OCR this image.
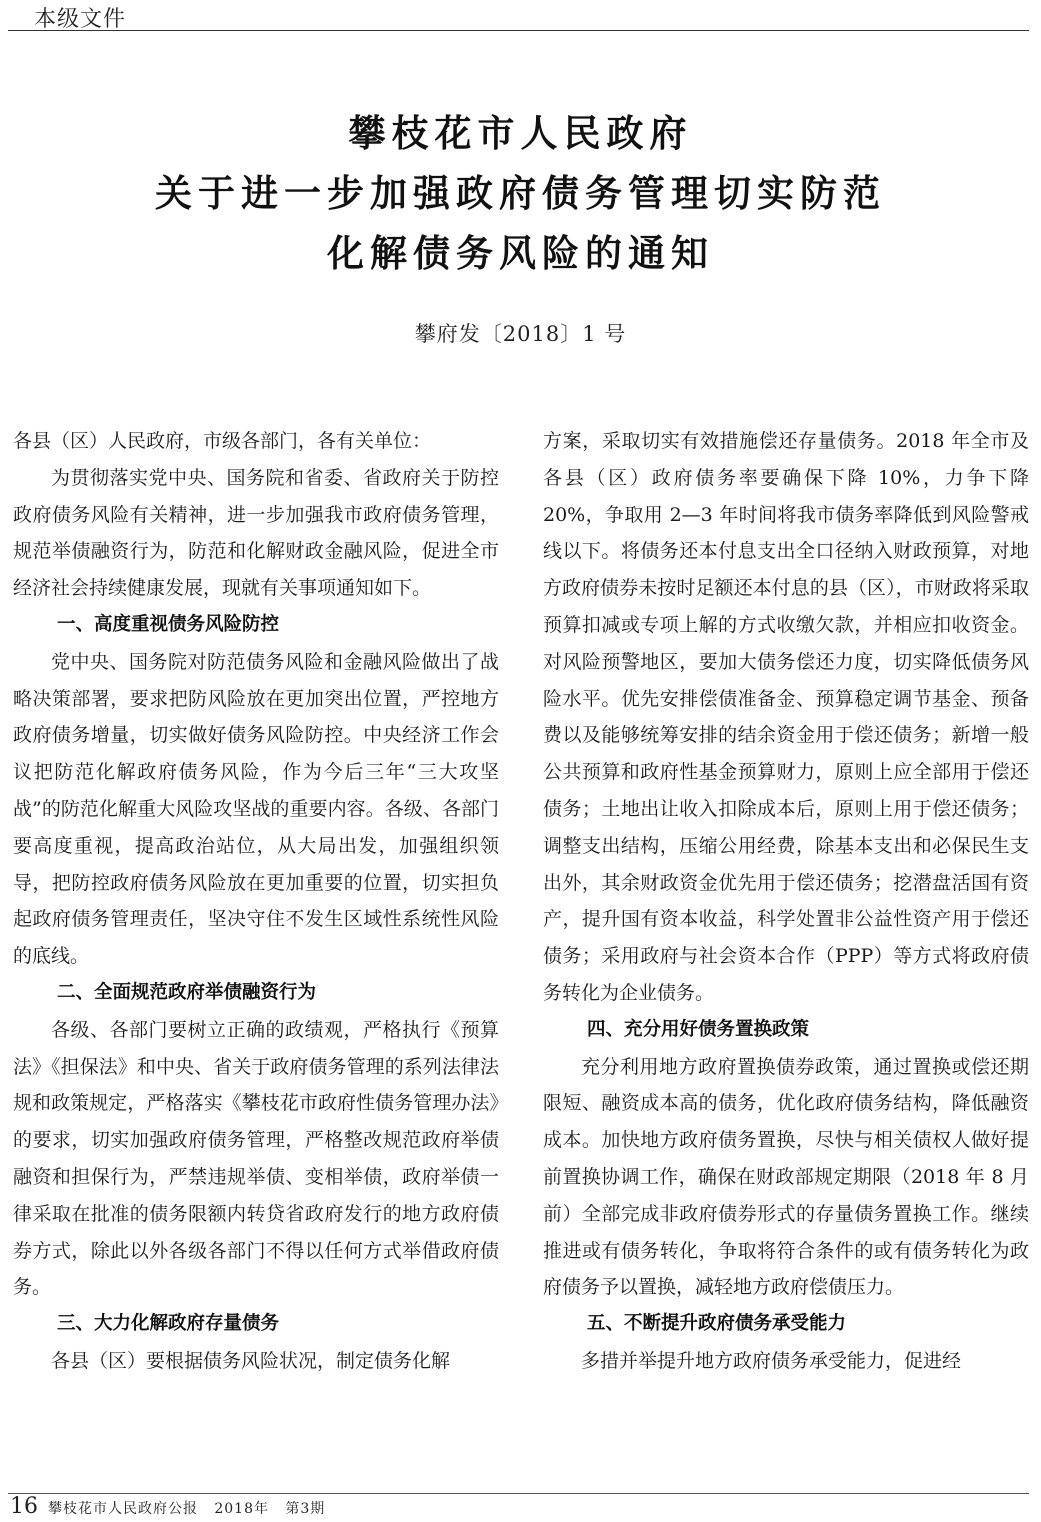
本级文件
攀枝花市人民政府
关于进一步加强政府债务管理切实防范
化解债务风险的通知
攀府发〔2018〕1 号

各县（区）人民政府，市级各部门，各有关单位：

为贯彻落实党中央、国务院和省委、省政府关于防控政府债务风险有关精神，进一步加强我市政府债务管理，规范举债融资行为，防范和化解财政金融风险，促进全市经济社会持续健康发展，现就有关事项通知如下。

一、高度重视债务风险防控

党中央、国务院对防范债务风险和金融风险做出了战略决策部署，要求把防风险放在更加突出位置，严控地方政府债务增量，切实做好债务风险防控。中央经济工作会议把防范化解政府债务风险，作为今后三年“三大攻坚战”的防范化解重大风险攻坚战的重要内容。各级、各部门要高度重视，提高政治站位，从大局出发，加强组织领导，把防控政府债务风险放在更加重要的位置，切实担负起政府债务管理责任，坚决守住不发生区域性系统性风险的底线。

二、全面规范政府举债融资行为

各级、各部门要树立正确的政绩观，严格执行《预算法》《担保法》和中央、省关于政府债务管理的系列法律法规和政策规定，严格落实《攀枝花市政府性债务管理办法》的要求，切实加强政府债务管理，严格整改规范政府举债融资和担保行为，严禁违规举债、变相举债，政府举债一律采取在批准的债务限额内转贷省政府发行的地方政府债券方式，除此以外各级各部门不得以任何方式举借政府债务。

三、大力化解政府存量债务

各县（区）要根据债务风险状况，制定债务化解

方案，采取切实有效措施偿还存量债务。2018 年全市及各县（区）政府债务率要确保下降 10%，力争下降 20%，争取用 2—3 年时间将我市债务率降低到风险警戒线以下。将债务还本付息支出全口径纳入财政预算，对地方政府债券未按时足额还本付息的县（区），市财政将采取预算扣减或专项上解的方式收缴欠款，并相应扣收资金。对风险预警地区，要加大债务偿还力度，切实降低债务风险水平。优先安排偿债准备金、预算稳定调节基金、预备费以及能够统筹安排的结余资金用于偿还债务；新增一般公共预算和政府性基金预算财力，原则上应全部用于偿还债务；土地出让收入扣除成本后，原则上用于偿还债务；调整支出结构，压缩公用经费，除基本支出和必保民生支出外，其余财政资金优先用于偿还债务；挖潜盘活国有资产，提升国有资本收益，科学处置非公益性资产用于偿还债务；采用政府与社会资本合作（PPP）等方式将政府债务转化为企业债务。

四、充分用好债务置换政策

充分利用地方政府置换债券政策，通过置换或偿还期限短、融资成本高的债务，优化政府债务结构，降低融资成本。加快地方政府债务置换，尽快与相关债权人做好提前置换协调工作，确保在财政部规定期限（2018 年 8 月前）全部完成非政府债券形式的存量债务置换工作。继续推进或有债务转化，争取将符合条件的或有债务转化为政府债务予以置换，减轻地方政府偿债压力。

五、不断提升政府债务承受能力

多措并举提升地方政府债务承受能力，促进经

16 攀枝花市人民政府公报   2018年   第3期
